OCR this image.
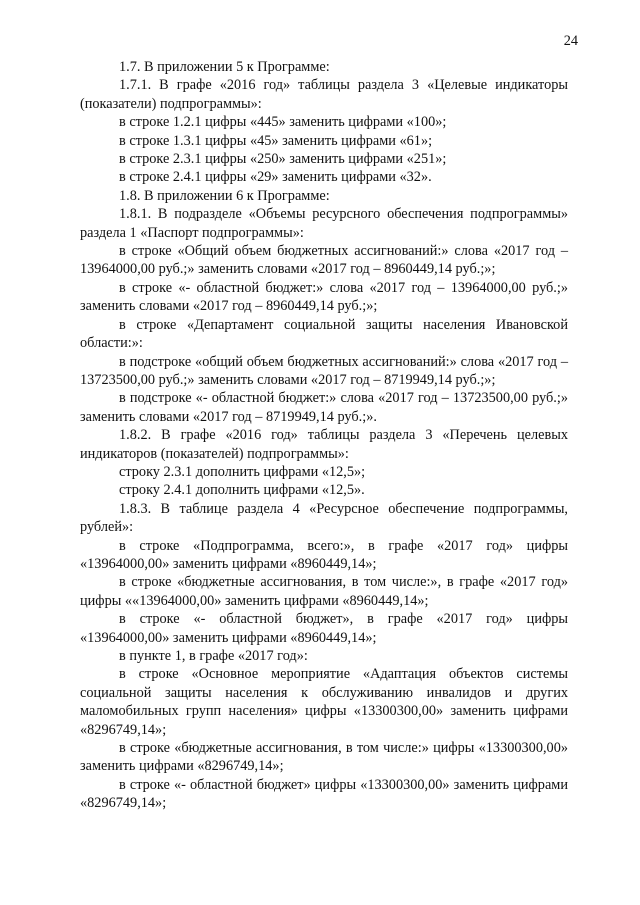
24

1.7. В приложении 5 к Программе:

1.7.1. В графе «2016 год» таблицы раздела 3 «Целевые индикаторы (показатели) подпрограммы»:

в строке 1.2.1 цифры «445» заменить цифрами «100»;

в строке 1.3.1 цифры «45» заменить цифрами «61»;

в строке 2.3.1 цифры «250» заменить цифрами «251»;

в строке 2.4.1 цифры «29» заменить цифрами «32».

1.8. В приложении 6 к Программе:

1.8.1. В подразделе «Объемы ресурсного обеспечения подпрограммы» раздела 1 «Паспорт подпрограммы»:

в строке «Общий объем бюджетных ассигнований:» слова «2017 год – 13964000,00 руб.;» заменить словами «2017 год – 8960449,14 руб.;»;

в строке «- областной бюджет:» слова «2017 год – 13964000,00 руб.;» заменить словами «2017 год – 8960449,14 руб.;»;

в строке «Департамент социальной защиты населения Ивановской области:»:

в подстроке «общий объем бюджетных ассигнований:» слова «2017 год – 13723500,00 руб.;» заменить словами «2017 год – 8719949,14 руб.;»;

в подстроке «- областной бюджет:» слова «2017 год – 13723500,00 руб.;» заменить словами «2017 год – 8719949,14 руб.;».

1.8.2. В графе «2016 год» таблицы раздела 3 «Перечень целевых индикаторов (показателей) подпрограммы»:

строку 2.3.1 дополнить цифрами «12,5»;

строку 2.4.1 дополнить цифрами «12,5».

1.8.3. В таблице раздела 4 «Ресурсное обеспечение подпрограммы, рублей»:

в строке «Подпрограмма, всего:», в графе «2017 год» цифры «13964000,00» заменить цифрами «8960449,14»;

в строке «бюджетные ассигнования, в том числе:», в графе «2017 год» цифры ««13964000,00» заменить цифрами «8960449,14»;

в строке «- областной бюджет», в графе «2017 год» цифры «13964000,00» заменить цифрами «8960449,14»;

в пункте 1, в графе «2017 год»:

в строке «Основное мероприятие «Адаптация объектов системы социальной защиты населения к обслуживанию инвалидов и других маломобильных групп населения» цифры «13300300,00» заменить цифрами «8296749,14»;

в строке «бюджетные ассигнования, в том числе:» цифры «13300300,00» заменить цифрами «8296749,14»;

в строке «- областной бюджет» цифры «13300300,00» заменить цифрами «8296749,14»;
